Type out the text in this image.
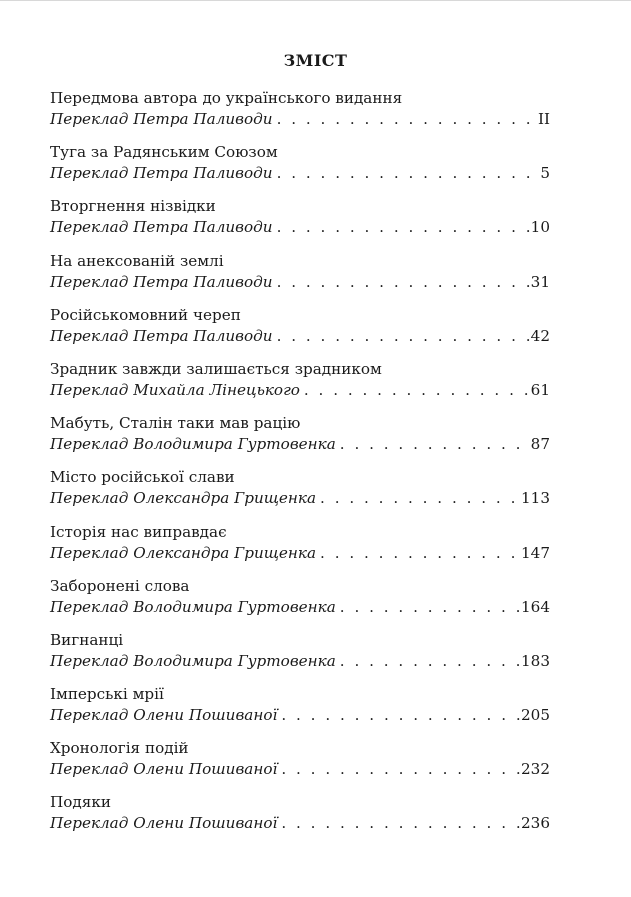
ЗМІСТ
Передмова автора до українського видання
Переклад Петра Паливоди . . .	II
Туга за Радянським Союзом
Переклад Петра Паливоди . . .	5
Вторгнення нізвідки
Переклад Петра Паливоди . . .	10
На анексованій землі
Переклад Петра Паливоди . . .	31
Російськомовний череп
Переклад Петра Паливоди . . .	42
Зрадник завжди залишається зрадником
Переклад Михайла Лінецького . . .	61
Мабуть, Сталін таки мав рацію
Переклад Володимира Гуртовенка . . .	87
Місто російської слави
Переклад Олександра Грищенка . . .	113
Історія нас виправдає
Переклад Олександра Грищенка . . .	147
Заборонені слова
Переклад Володимира Гуртовенка . . .	164
Вигнанці
Переклад Володимира Гуртовенка . . .	183
Імперські мрії
Переклад Олени Пошиваної . . .	205
Хронологія подій
Переклад Олени Пошиваної . . .	232
Подяки
Переклад Олени Пошиваної . . .	236
